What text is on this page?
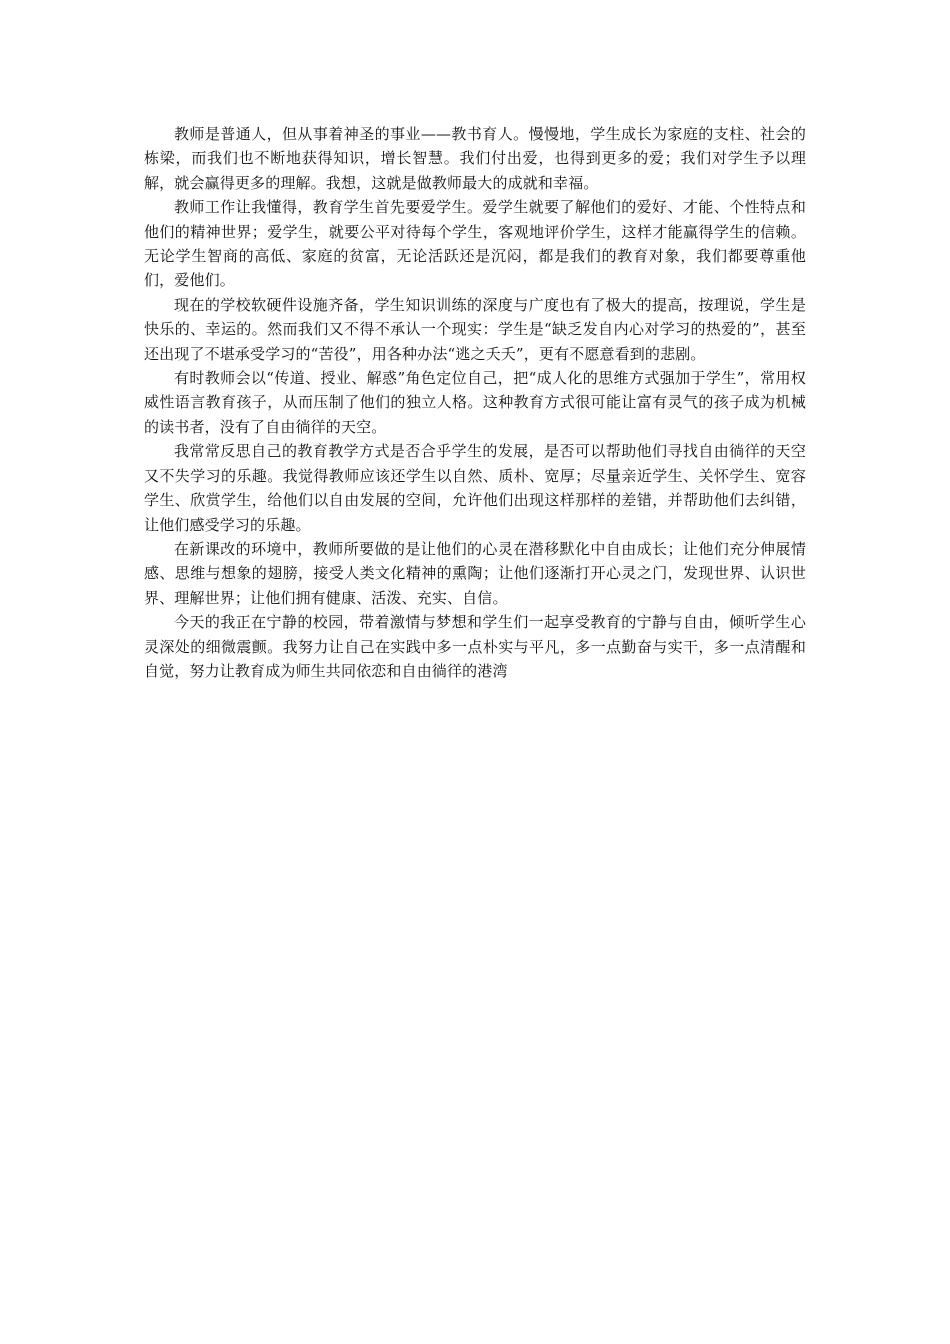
教师是普通人，但从事着神圣的事业——教书育人。慢慢地，学生成长为家庭的支柱、社会的栋梁，而我们也不断地获得知识，增长智慧。我们付出爱，也得到更多的爱；我们对学生予以理解，就会赢得更多的理解。我想，这就是做教师最大的成就和幸福。

教师工作让我懂得，教育学生首先要爱学生。爱学生就要了解他们的爱好、才能、个性特点和他们的精神世界；爱学生，就要公平对待每个学生，客观地评价学生，这样才能赢得学生的信赖。无论学生智商的高低、家庭的贫富，无论活跃还是沉闷，都是我们的教育对象，我们都要尊重他们，爱他们。

现在的学校软硬件设施齐备，学生知识训练的深度与广度也有了极大的提高，按理说，学生是快乐的、幸运的。然而我们又不得不承认一个现实：学生是“缺乏发自内心对学习的热爱的”，甚至还出现了不堪承受学习的“苦役”，用各种办法“逃之夭夭”，更有不愿意看到的悲剧。

有时教师会以“传道、授业、解惑”角色定位自己，把“成人化的思维方式强加于学生”，常用权威性语言教育孩子，从而压制了他们的独立人格。这种教育方式很可能让富有灵气的孩子成为机械的读书者，没有了自由徜徉的天空。

我常常反思自己的教育教学方式是否合乎学生的发展，是否可以帮助他们寻找自由徜徉的天空又不失学习的乐趣。我觉得教师应该还学生以自然、质朴、宽厚；尽量亲近学生、关怀学生、宽容学生、欣赏学生，给他们以自由发展的空间，允许他们出现这样那样的差错，并帮助他们去纠错，让他们感受学习的乐趣。

在新课改的环境中，教师所要做的是让他们的心灵在潜移默化中自由成长；让他们充分伸展情感、思维与想象的翅膀，接受人类文化精神的熏陶；让他们逐渐打开心灵之门，发现世界、认识世界、理解世界；让他们拥有健康、活泼、充实、自信。

今天的我正在宁静的校园，带着激情与梦想和学生们一起享受教育的宁静与自由，倾听学生心灵深处的细微震颤。我努力让自己在实践中多一点朴实与平凡，多一点勤奋与实干，多一点清醒和自觉，努力让教育成为师生共同依恋和自由徜徉的港湾
